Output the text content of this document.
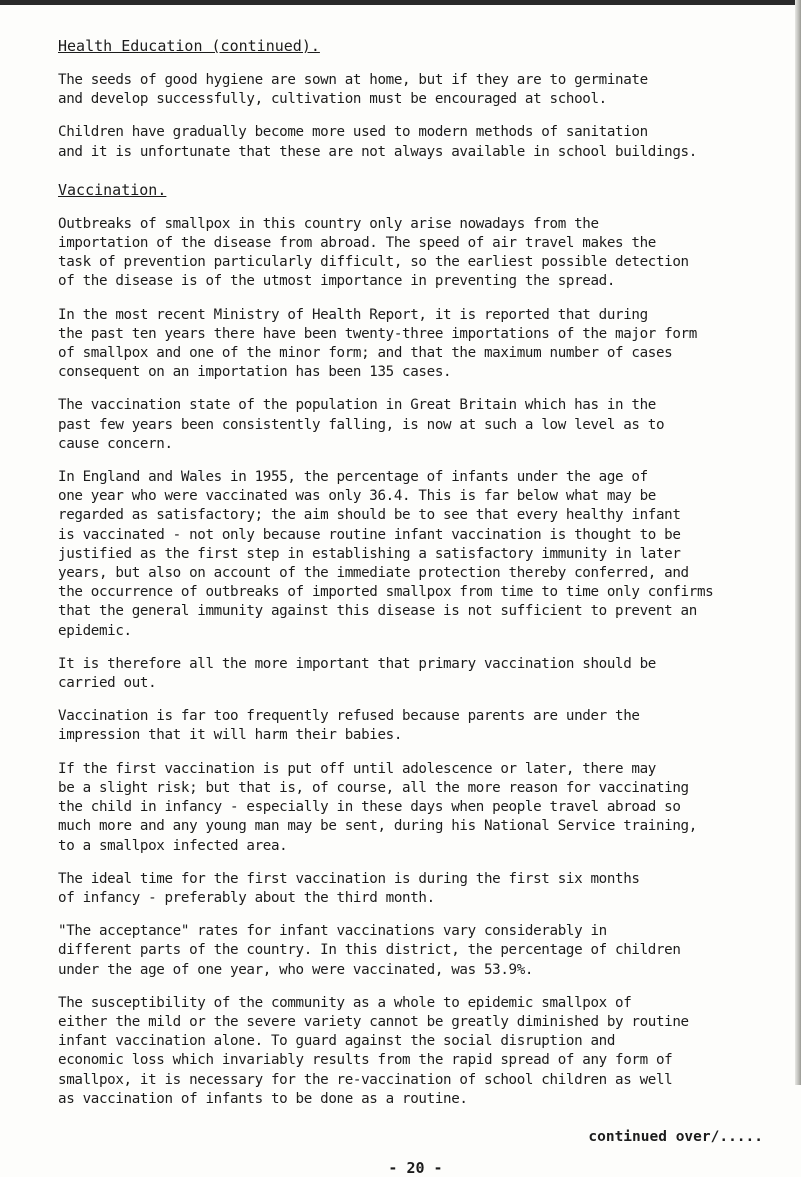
Health Education (continued).

The seeds of good hygiene are sown at home, but if they are to germinate
and develop successfully, cultivation must be encouraged at school.

Children have gradually become more used to modern methods of sanitation
and it is unfortunate that these are not always available in school buildings.

Vaccination.

Outbreaks of smallpox in this country only arise nowadays from the
importation of the disease from abroad. The speed of air travel makes the
task of prevention particularly difficult, so the earliest possible detection
of the disease is of the utmost importance in preventing the spread.

In the most recent Ministry of Health Report, it is reported that during
the past ten years there have been twenty-three importations of the major form
of smallpox and one of the minor form; and that the maximum number of cases
consequent on an importation has been 135 cases.

The vaccination state of the population in Great Britain which has in the
past few years been consistently falling, is now at such a low level as to
cause concern.

In England and Wales in 1955, the percentage of infants under the age of
one year who were vaccinated was only 36.4. This is far below what may be
regarded as satisfactory; the aim should be to see that every healthy infant
is vaccinated - not only because routine infant vaccination is thought to be
justified as the first step in establishing a satisfactory immunity in later
years, but also on account of the immediate protection thereby conferred, and
the occurrence of outbreaks of imported smallpox from time to time only confirms
that the general immunity against this disease is not sufficient to prevent an
epidemic.

It is therefore all the more important that primary vaccination should be
carried out.

Vaccination is far too frequently refused because parents are under the
impression that it will harm their babies.

If the first vaccination is put off until adolescence or later, there may
be a slight risk; but that is, of course, all the more reason for vaccinating
the child in infancy - especially in these days when people travel abroad so
much more and any young man may be sent, during his National Service training,
to a smallpox infected area.

The ideal time for the first vaccination is during the first six months
of infancy - preferably about the third month.

"The acceptance" rates for infant vaccinations vary considerably in
different parts of the country. In this district, the percentage of children
under the age of one year, who were vaccinated, was 53.9%.

The susceptibility of the community as a whole to epidemic smallpox of
either the mild or the severe variety cannot be greatly diminished by routine
infant vaccination alone. To guard against the social disruption and
economic loss which invariably results from the rapid spread of any form of
smallpox, it is necessary for the re-vaccination of school children as well
as vaccination of infants to be done as a routine.

continued over/.....
- 20 -
